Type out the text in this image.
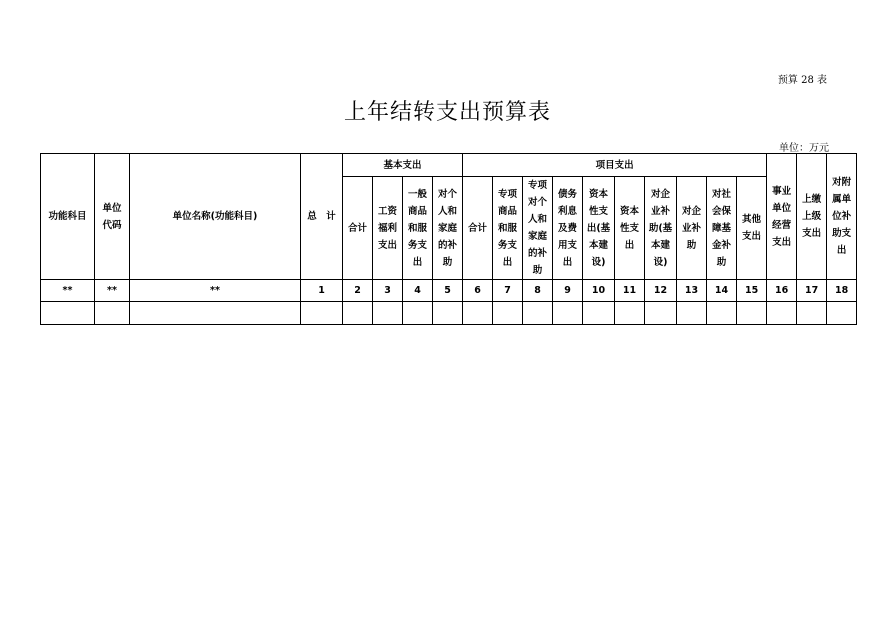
预算 28 表
上年结转支出预算表
单位：万元
功能科目	单位代码	单位名称(功能科目)	总　计	基本支出				项目支出										事业单位经营支出	上缴上级支出	对附属单位补助支出
				合计	工资福利支出	一般商品和服务支出	对个人和家庭的补助	合计	专项商品和服务支出	专项对个人和家庭的补助	债务利息及费用支出	资本性支出(基本建设)	资本性支出	对企业补助(基本建设)	对企业补助	对社会保障基金补助	其他支出			
**	**	**	1	2	3	4	5	6	7	8	9	10	11	12	13	14	15	16	17	18
